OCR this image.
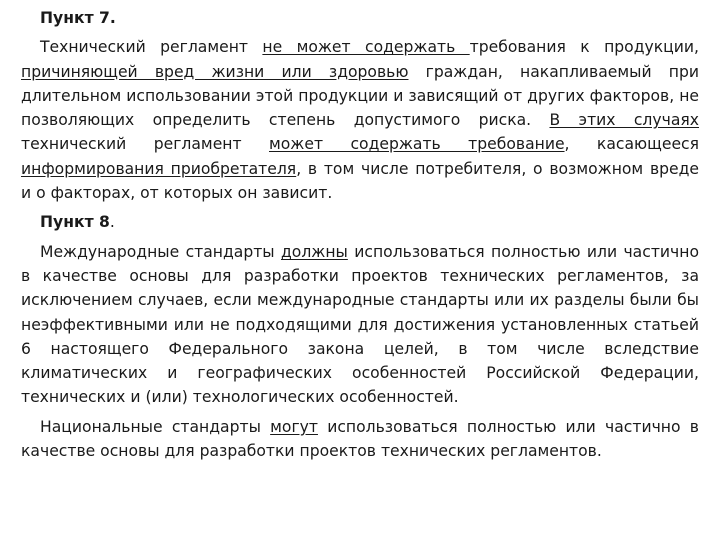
Пункт 7.

Технический регламент не может содержать требования к продукции, причиняющей вред жизни или здоровью граждан, накапливаемый при длительном использовании этой продукции и зависящий от других факторов, не позволяющих определить степень допустимого риска. В этих случаях технический регламент может содержать требование, касающееся информирования приобретателя, в том числе потребителя, о возможном вреде и о факторах, от которых он зависит.

Пункт 8.

Международные стандарты должны использоваться полностью или частично в качестве основы для разработки проектов технических регламентов, за исключением случаев, если международные стандарты или их разделы были бы неэффективными или не подходящими для достижения установленных статьей 6 настоящего Федерального закона целей, в том числе вследствие климатических и географических особенностей Российской Федерации, технических и (или) технологических особенностей.

Национальные стандарты могут использоваться полностью или частично в качестве основы для разработки проектов технических регламентов.
